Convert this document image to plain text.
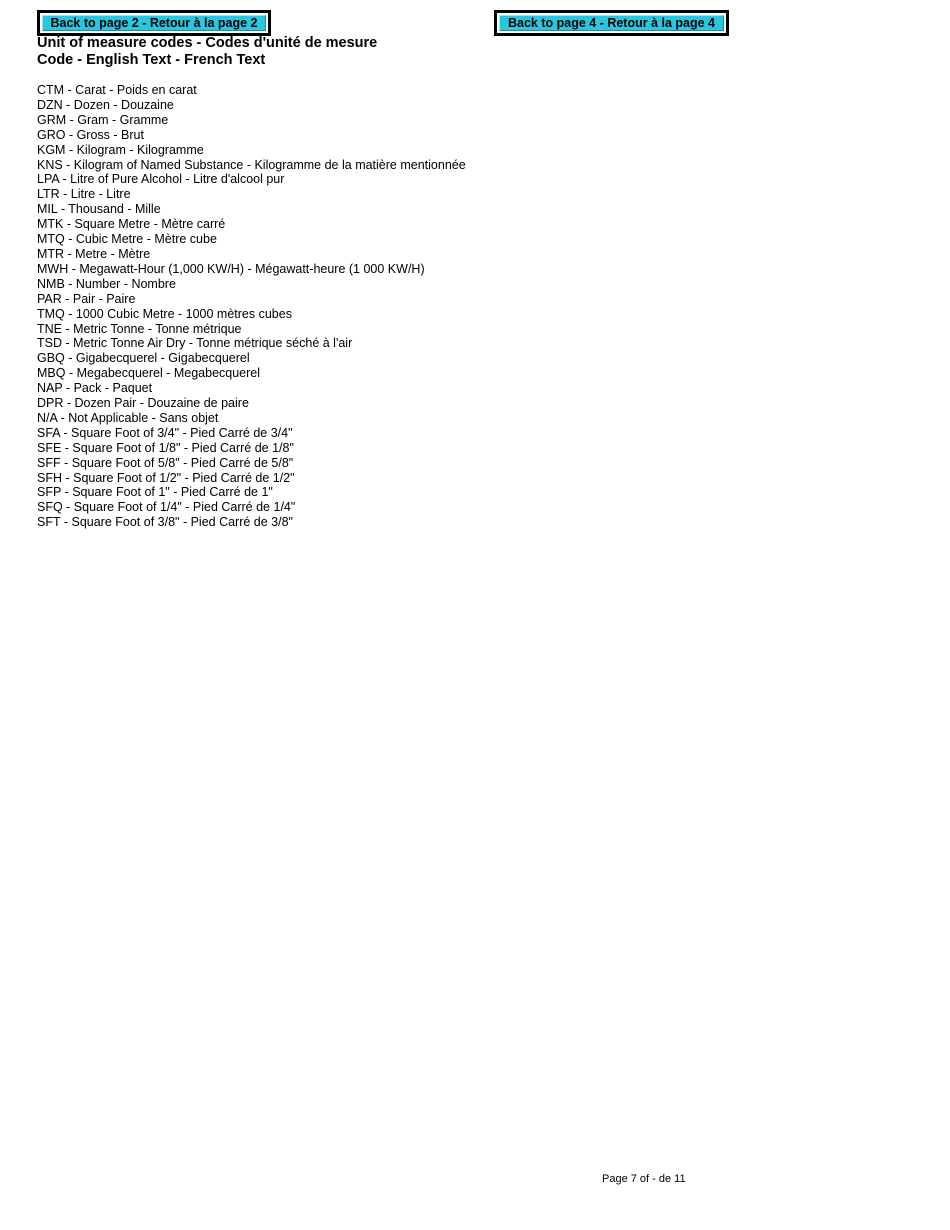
Back to page 2 - Retour à la page 2	Back to page 4 - Retour à la page 4
Unit of measure codes - Codes d'unité de mesure
Code - English Text - French Text
CTM - Carat - Poids en carat
DZN - Dozen - Douzaine
GRM - Gram - Gramme
GRO - Gross - Brut
KGM - Kilogram - Kilogramme
KNS - Kilogram of Named Substance - Kilogramme de la matière mentionnée
LPA - Litre of Pure Alcohol - Litre d'alcool pur
LTR - Litre - Litre
MIL - Thousand - Mille
MTK - Square Metre - Mètre carré
MTQ - Cubic Metre - Mètre cube
MTR - Metre - Mètre
MWH - Megawatt-Hour (1,000 KW/H) - Mégawatt-heure (1 000 KW/H)
NMB - Number - Nombre
PAR - Pair - Paire
TMQ - 1000 Cubic Metre - 1000 mètres cubes
TNE - Metric Tonne - Tonne métrique
TSD - Metric Tonne Air Dry - Tonne métrique séché à l'air
GBQ - Gigabecquerel - Gigabecquerel
MBQ - Megabecquerel - Megabecquerel
NAP - Pack - Paquet
DPR - Dozen Pair - Douzaine de paire
N/A - Not Applicable - Sans objet
SFA - Square Foot of 3/4" - Pied Carré de 3/4"
SFE - Square Foot of 1/8" - Pied Carré de 1/8"
SFF - Square Foot of 5/8" - Pied Carré de 5/8"
SFH - Square Foot of 1/2" - Pied Carré de 1/2"
SFP - Square Foot of 1" - Pied Carré de 1"
SFQ - Square Foot of 1/4" - Pied Carré de 1/4"
SFT - Square Foot of 3/8" - Pied Carré de 3/8"
Page 7 of - de 11
